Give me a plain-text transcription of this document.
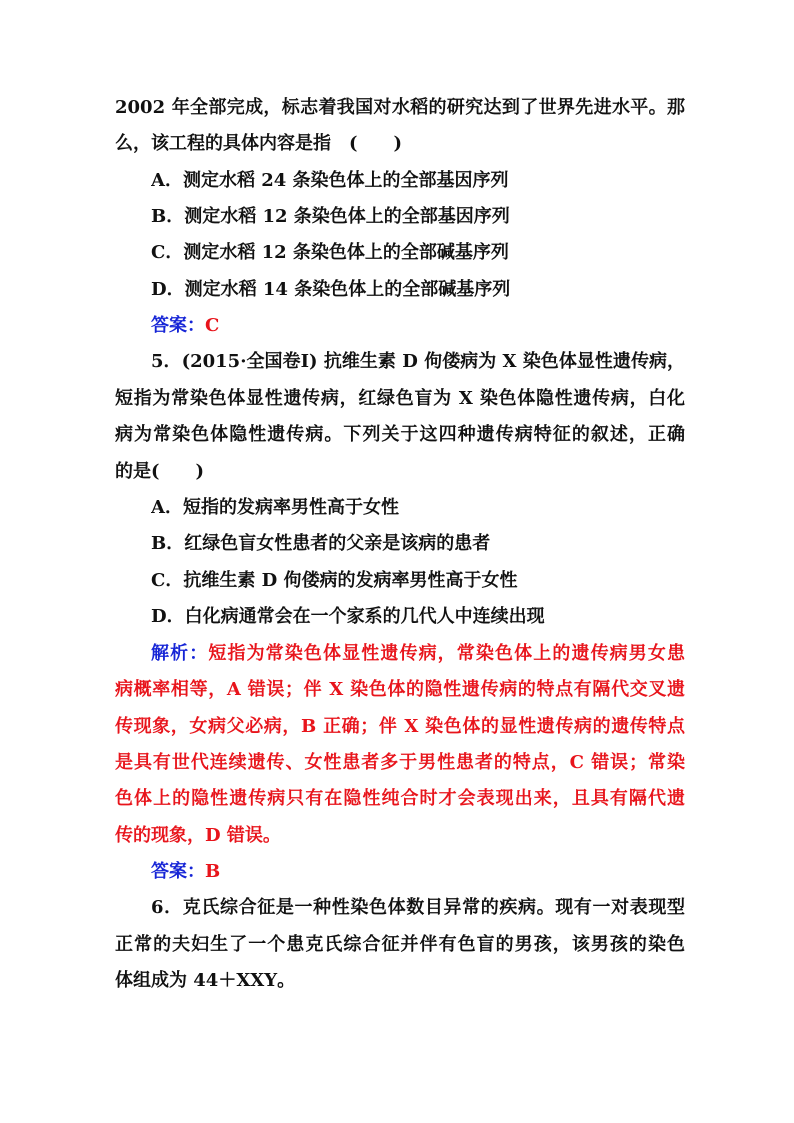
2002 年全部完成，标志着我国对水稻的研究达到了世界先进水平。那
么，该工程的具体内容是指　(　　)
A．测定水稻 24 条染色体上的全部基因序列
B．测定水稻 12 条染色体上的全部基因序列
C．测定水稻 12 条染色体上的全部碱基序列
D．测定水稻 14 条染色体上的全部碱基序列
答案：C
5．(2015·全国卷Ⅰ) 抗维生素 D 佝偻病为 X 染色体显性遗传病，
短指为常染色体显性遗传病，红绿色盲为 X 染色体隐性遗传病，白化
病为常染色体隐性遗传病。下列关于这四种遗传病特征的叙述，正确
的是(　　)
A．短指的发病率男性高于女性
B．红绿色盲女性患者的父亲是该病的患者
C．抗维生素 D 佝偻病的发病率男性高于女性
D．白化病通常会在一个家系的几代人中连续出现
解析：短指为常染色体显性遗传病，常染色体上的遗传病男女患
病概率相等，A 错误；伴 X 染色体的隐性遗传病的特点有隔代交叉遗
传现象，女病父必病，B 正确；伴 X 染色体的显性遗传病的遗传特点
是具有世代连续遗传、女性患者多于男性患者的特点，C 错误；常染
色体上的隐性遗传病只有在隐性纯合时才会表现出来，且具有隔代遗
传的现象，D 错误。
答案：B
6．克氏综合征是一种性染色体数目异常的疾病。现有一对表现型
正常的夫妇生了一个患克氏综合征并伴有色盲的男孩，该男孩的染色
体组成为 44＋XXY。
